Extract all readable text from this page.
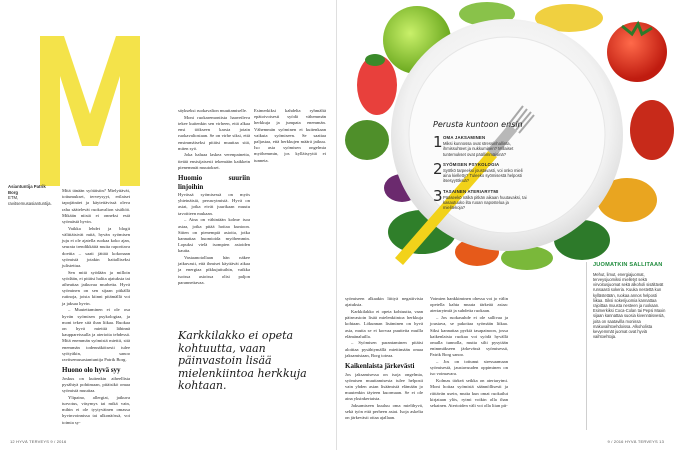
Asiantuntija Patrik Borg
ETM, ravitsemusasiantuntija.

Mitä tänään syötäisiin? Mielyttävät, tottumukset, terveysyyt, erilaiset tapojätnäet ja käytettävissä oleva raha säätelevät ruokavalion sisältöä. Mikään niistä ei onneksi estä syömästä hyvin.

Vaikka lehdet ja blogit välittäisivät mitä, hyvän syömisen juju ei ole ajatella ruokaa koko ajan, seurata trendikkäitä muita raporttava doettia – saati jättää kokonaan syömistä jotakin haitalliseksi julistettua.

Sen mitä syödään ja milloin syödään, ei pitäisi halita ajatuksia tai aiheuttaa jatkuvaa murhetta. Hyvä syöminen on sen sijaan pitkällä rutinoja, joista kiinni pitämällä voi ja jaksaa hyvin.

– Muutettaminen ei ole osa hyvän syömisen psykologiaa, ja moni tekee sitä ihan liikaa. Ruokaa on hyvä miettiä lähinnä kauppareissulla ja aterioita tehdessä. Mitä enemmän syömistä miettii, sitä enemmän todennäköisesti tulee syötyäkin, sanoo ravitsemusasiantuntija Patrik Borg.

Huono olo hyvä syy

Joskus on kuitenkin aiheellista pysähtyä pohtimaan, pitäisikö omaa syömistä muuttaa.

Ylipaino, allergiat, jatkuva turvotus, väsymys tai mikä vain, mihin ei ole tyytyväinen omassa hyvinvoinnissa tai ulkonäössä, voi toimia sy-

säykseksi ruokavalion muuttamiselle.

Moni ruokaremontista haaveileva tekee kuitenkin sen virheen, että alkaa ensi töikseen karsia jotain ruokavaliostaan. Se on virhe siksi, että ensimmäiseksi pitäisi muuttaa sitä, miten syö.

Joka haluaa laskea verenpainetta, tietää ensisijaisesti tekemään kaikkein pienemmät muutokset.

Huomio suuriin linjoihin

Hyvässä syömisessä on myös yhteinäisiä, perusrytmistä. Hyvä on asiat, jotka eivät juurikaan muutu tavoitteen mukaan.

– Aina on vähintään kolme isoa asiaa, jotka pitää hoitaa kuntoon. Siiten on pienempiä asioita, jotka kannattaa huomioida myöhemmin. Lopuksi vielä isompien asioiden kautta.

Vastaanotollaan hän näkee jatkuvasti, että ihmiset käyttävät aikaa ja energiaa pikkujuttuihin, vaikka isoissa asioissa olisi paljon parannettavaa.

Esimerkiksi kahdelta ryhmältä epätoivoisesti syödä vähemmän herkkuja ja jumpata enemmän. Vähemmän syöminen ei kuitenkaan vaikuta syömiseen. Se saattaa paljastaa, että herkkujen määrä jatkuu. Iso asia syömisen ongelmia myöhemmin, jos kylläisyyttä ei tunneta.

Karkkilakko ei opeta kohtuutta, vaan päinvastoin lisää mielenkiintoa herkkuja kohtaan.
12 HYVÄ TERVEYS 9 / 2016
Perusta kuntoon ensin
1 OMA JAKSAMINEN
Miksi kunnossa ovat stressinhallinta, ihmissuhteet ja nukkuminen? Millaiset tuntemukset ovat päällimmäisinä?
2 SYÖMISEN PSYKOLOGIA
Syötkö tarpeeksi joustavasti, voi onko mieli aina kielletty? Tuleeko syömisestä helposti itsesyytöksiä?
3 TASAINEN ATERIARYTMI
Pääseekö nälkä pitkän aikaan huutavaksi, tai kasautuuko ilta ruoan napostelua ja mielitekoja?

syömiseen alkaakin liittyä negatiivisia ajatuksia.

Karkkilakko ei opeta kohtuutta, vaan päinvastoin lisää mielenkiintoa herkkuja kohtaan. Lökunnan lisäminen on hyvä asia, mutta se ei korvaa puutteita muilla elämänaluilla.

– Syömisen parantaminen pitäisi aloittaa pysähtymällä miettimään omaa jaksamistaan, Borg toteaa.

Kaikenlaista järkevästi

Jos jaksamisessa on isoja ongelmia, syömisen muuttamisesta tulee helposti vain yhden asian lisäämistä elämään jo muutenkin täyteen kuormaan. Se ei ole aina yksinkertaista.

Jaksamiseen kuuluu oma mielihyvä, sekä työn että perheen asiat. Isoja askelia on järkevästi ottaa ajallaan.

Voimien hankkiminen ohessa voi jo välin opetella kahta muuta tärkeää asiaa: ateriarytmiä ja suhdetta ruokaan.

– Jos ruokasuhde ei ole sallivaa ja joustava, se pakottaa syömään liikaa. Siksi kannattaa pyrkiä tasapainoon, jossa kaikenlaista ruokaa voi syödä hyvällä omalla tunnolla, mutta silti pysytään enimmäkseen järkevässä syömisessä, Patrik Borg sanoo.

– Jos on tottunut stressaamaan syömisestä, jaustavuuden oppiminen on iso voimavara.

Kolmas tärkeä seikka on ateriarytmi. Moni hoitaa syömistä säännöllisesti ja riittävän usein, mutta kun omat ruokailut kirjataan ylös, rytmi voikin olla ihan sekainen. Aterioiden väli voi olla liian pit-

JUOMATKIN SALLITAAN
Mehut, limut, energiajuomat, terveysjuomiksi mielletyt sekä virvoitusjuomat sekä alkoholi sisältävät runsaasti sokeria. Kuuka nestettä kun kyllästetään, ruokaa annos helposti liikaa. Siksi sokerijuomia kannattaa rajoittaa muusta nesteen ja ruokaan. Esimerkiksi Coca-Colan tai Pepsi Maxin sijaan kannattaa suosia kivennäisvesiä, joita on saatavilla monissa makuvaihtoehdoissa. Alkoholista kevyemmät juomat ovat hyviä vaihtoehtoja.
9 / 2016 HYVÄ TERVEYS 13
